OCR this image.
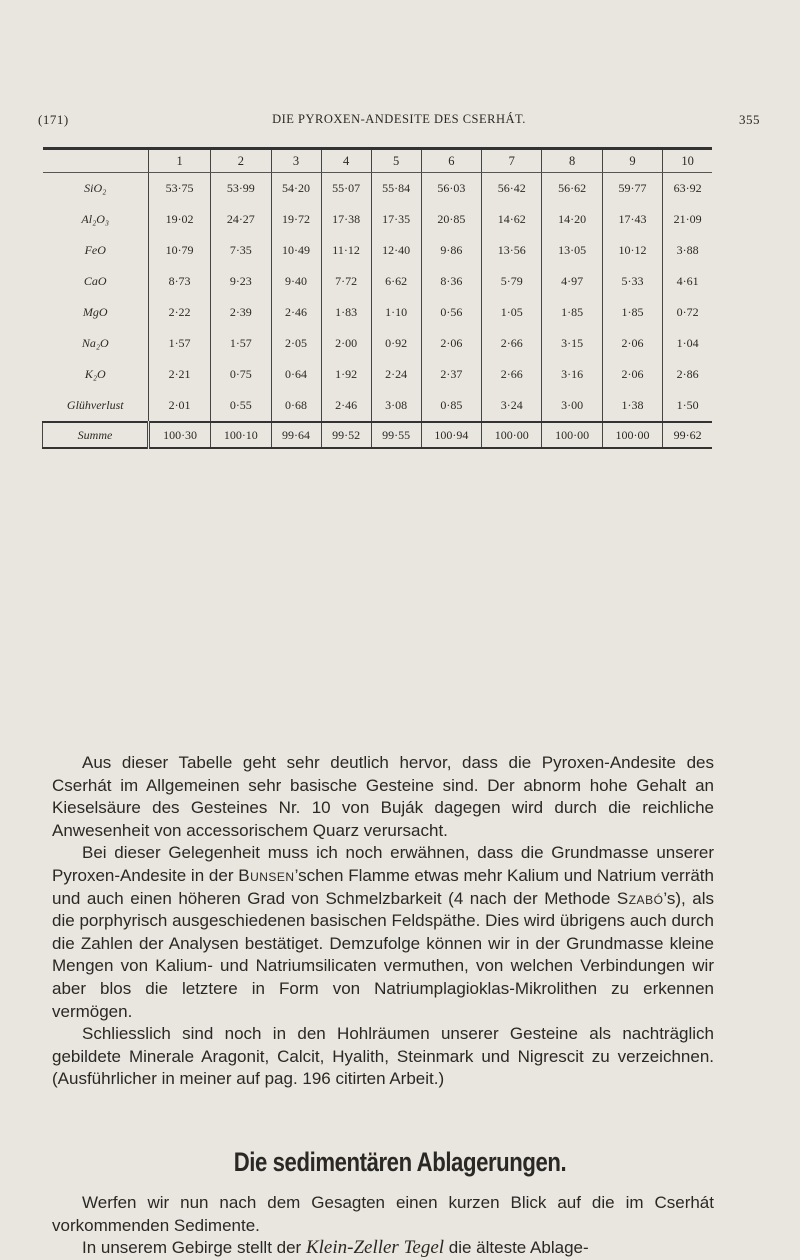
(171)	DIE PYROXEN-ANDESITE DES CSERHÁT.	355
	1	2	3	4	5	6	7	8	9	10
SiO₂	53·75	53·99	54·20	55·07	55·84	56·03	56·42	56·62	59·77	63·92
Al₂O₃	19·02	24·27	19·72	17·38	17·35	20·85	14·62	14·20	17·43	21·09
FeO	10·79	7·35	10·49	11·12	12·40	9·86	13·56	13·05	10·12	3·88
CaO	8·73	9·23	9·40	7·72	6·62	8·36	5·79	4·97	5·33	4·61
MgO	2·22	2·39	2·46	1·83	1·10	0·56	1·05	1·85	1·85	0·72
Na₂O	1·57	1·57	2·05	2·00	0·92	2·06	2·66	3·15	2·06	1·04
K₂O	2·21	0·75	0·64	1·92	2·24	2·37	2·66	3·16	2·06	2·86
Glühverlust	2·01	0·55	0·68	2·46	3·08	0·85	3·24	3·00	1·38	1·50
Summe	100·30	100·10	99·64	99·52	99·55	100·94	100·00	100·00	100·00	99·62

Aus dieser Tabelle geht sehr deutlich hervor, dass die Pyroxen-Andesite des Cserhát im Allgemeinen sehr basische Gesteine sind. Der abnorm hohe Gehalt an Kieselsäure des Gesteines Nr. 10 von Buják dagegen wird durch die reichliche Anwesenheit von accessorischem Quarz verursacht.

Bei dieser Gelegenheit muss ich noch erwähnen, dass die Grundmasse unserer Pyroxen-Andesite in der Bunsen’schen Flamme etwas mehr Kalium und Natrium verräth und auch einen höheren Grad von Schmelzbarkeit (4 nach der Methode Szabó’s), als die porphyrisch ausgeschiedenen basischen Feldspäthe. Dies wird übrigens auch durch die Zahlen der Analysen bestätiget. Demzufolge können wir in der Grundmasse kleine Mengen von Kalium- und Natriumsilicaten vermuthen, von welchen Verbindungen wir aber blos die letztere in Form von Natriumplagioklas-Mikrolithen zu erkennen vermögen.

Schliesslich sind noch in den Hohlräumen unserer Gesteine als nachträglich gebildete Minerale Aragonit, Calcit, Hyalith, Steinmark und Nigrescit zu verzeichnen. (Ausführlicher in meiner auf pag. 196 citirten Arbeit.)

Die sedimentären Ablagerungen.

Werfen wir nun nach dem Gesagten einen kurzen Blick auf die im Cserhát vorkommenden Sedimente.

In unserem Gebirge stellt der Klein-Zeller Tegel die älteste Ablage-
